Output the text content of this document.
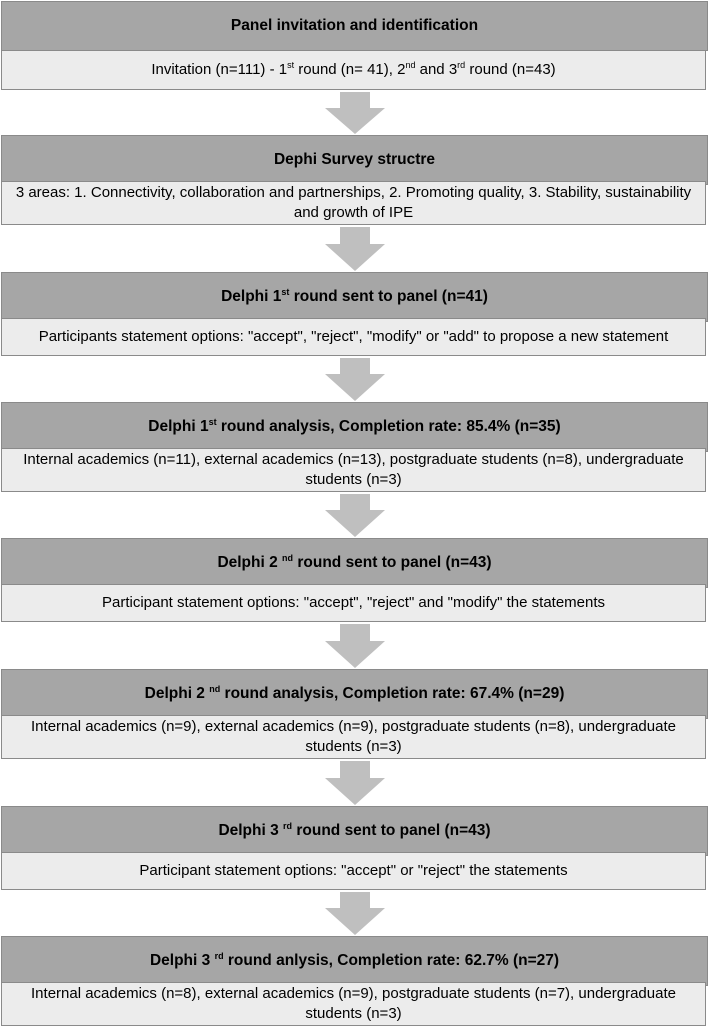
Panel invitation and identification
Invitation (n=111) - 1st round (n= 41), 2nd and 3rd round (n=43)
Dephi Survey structre
3 areas: 1. Connectivity, collaboration and partnerships, 2. Promoting quality, 3. Stability, sustainability and growth of IPE
Delphi 1st round sent to panel (n=41)
Participants statement options: "accept", "reject", "modify" or "add" to propose a new statement
Delphi 1st round analysis, Completion rate: 85.4% (n=35)
Internal academics (n=11), external academics (n=13), postgraduate students (n=8), undergraduate students (n=3)
Delphi 2 $^{nd}$ round sent to panel (n=43)
Participant statement options: "accept", "reject" and "modify" the statements
Delphi 2 $^{nd}$ round analysis, Completion rate: 67.4% (n=29)
Internal academics (n=9), external academics (n=9), postgraduate students (n=8), undergraduate students (n=3)
Delphi 3 $^{rd}$ round sent to panel (n=43)
Participant statement options: "accept" or "reject" the statements
Delphi 3 $^{rd}$ round anlysis, Completion rate: 62.7% (n=27)
Internal academics (n=8), external academics (n=9), postgraduate students (n=7), undergraduate students (n=3)
